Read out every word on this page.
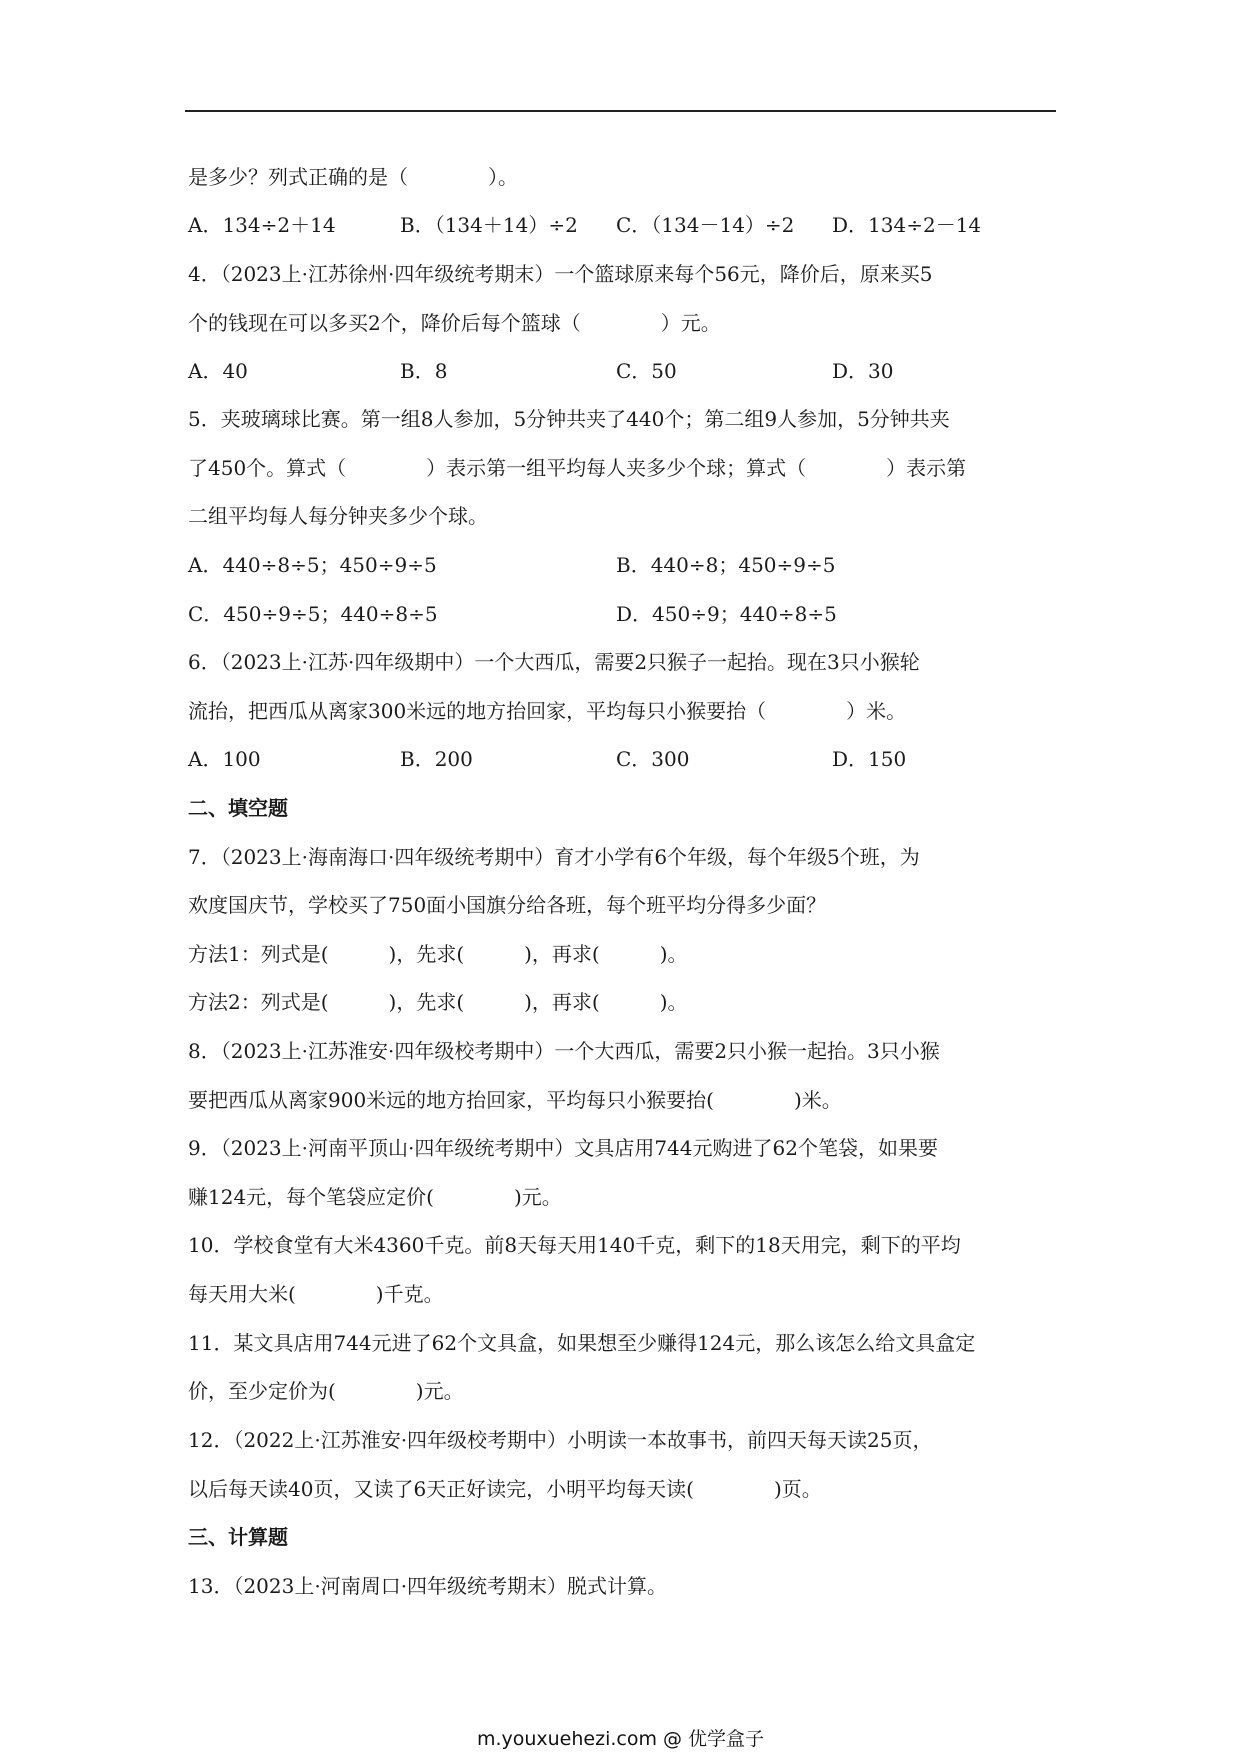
是多少？列式正确的是（　　　　）。
A．134÷2＋14	B．（134＋14）÷2 C．（134－14）÷2 D．134÷2－14
4．（2023上·江苏徐州·四年级统考期末）一个篮球原来每个56元，降价后，原来买5
个的钱现在可以多买2个，降价后每个篮球（　　　　）元。
A．40	B．8	C．50	D．30
5．夹玻璃球比赛。第一组8人参加，5分钟共夹了440个；第二组9人参加，5分钟共夹
了450个。算式（　　　　）表示第一组平均每人夹多少个球；算式（　　　　）表示第
二组平均每人每分钟夹多少个球。
A．440÷8÷5；450÷9÷5	B．440÷8；450÷9÷5
C．450÷9÷5；440÷8÷5	D．450÷9；440÷8÷5
6．（2023上·江苏·四年级期中）一个大西瓜，需要2只猴子一起抬。现在3只小猴轮
流抬，把西瓜从离家300米远的地方抬回家，平均每只小猴要抬（　　　　）米。
A．100	B．200	C．300	D．150
二、填空题
7．（2023上·海南海口·四年级统考期中）育才小学有6个年级，每个年级5个班，为
欢度国庆节，学校买了750面小国旗分给各班，每个班平均分得多少面？
方法1：列式是(　　　)，先求(　　　)，再求(　　　)。
方法2：列式是(　　　)，先求(　　　)，再求(　　　)。
8．（2023上·江苏淮安·四年级校考期中）一个大西瓜，需要2只小猴一起抬。3只小猴
要把西瓜从离家900米远的地方抬回家，平均每只小猴要抬(　　　　)米。
9．（2023上·河南平顶山·四年级统考期中）文具店用744元购进了62个笔袋，如果要
赚124元，每个笔袋应定价(　　　　)元。
10．学校食堂有大米4360千克。前8天每天用140千克，剩下的18天用完，剩下的平均
每天用大米(　　　　)千克。
11．某文具店用744元进了62个文具盒，如果想至少赚得124元，那么该怎么给文具盒定
价，至少定价为(　　　　)元。
12．（2022上·江苏淮安·四年级校考期中）小明读一本故事书，前四天每天读25页，
以后每天读40页，又读了6天正好读完，小明平均每天读(　　　　)页。
三、计算题
13．（2023上·河南周口·四年级统考期末）脱式计算。
m.youxuehezi.com @ 优学盒子
